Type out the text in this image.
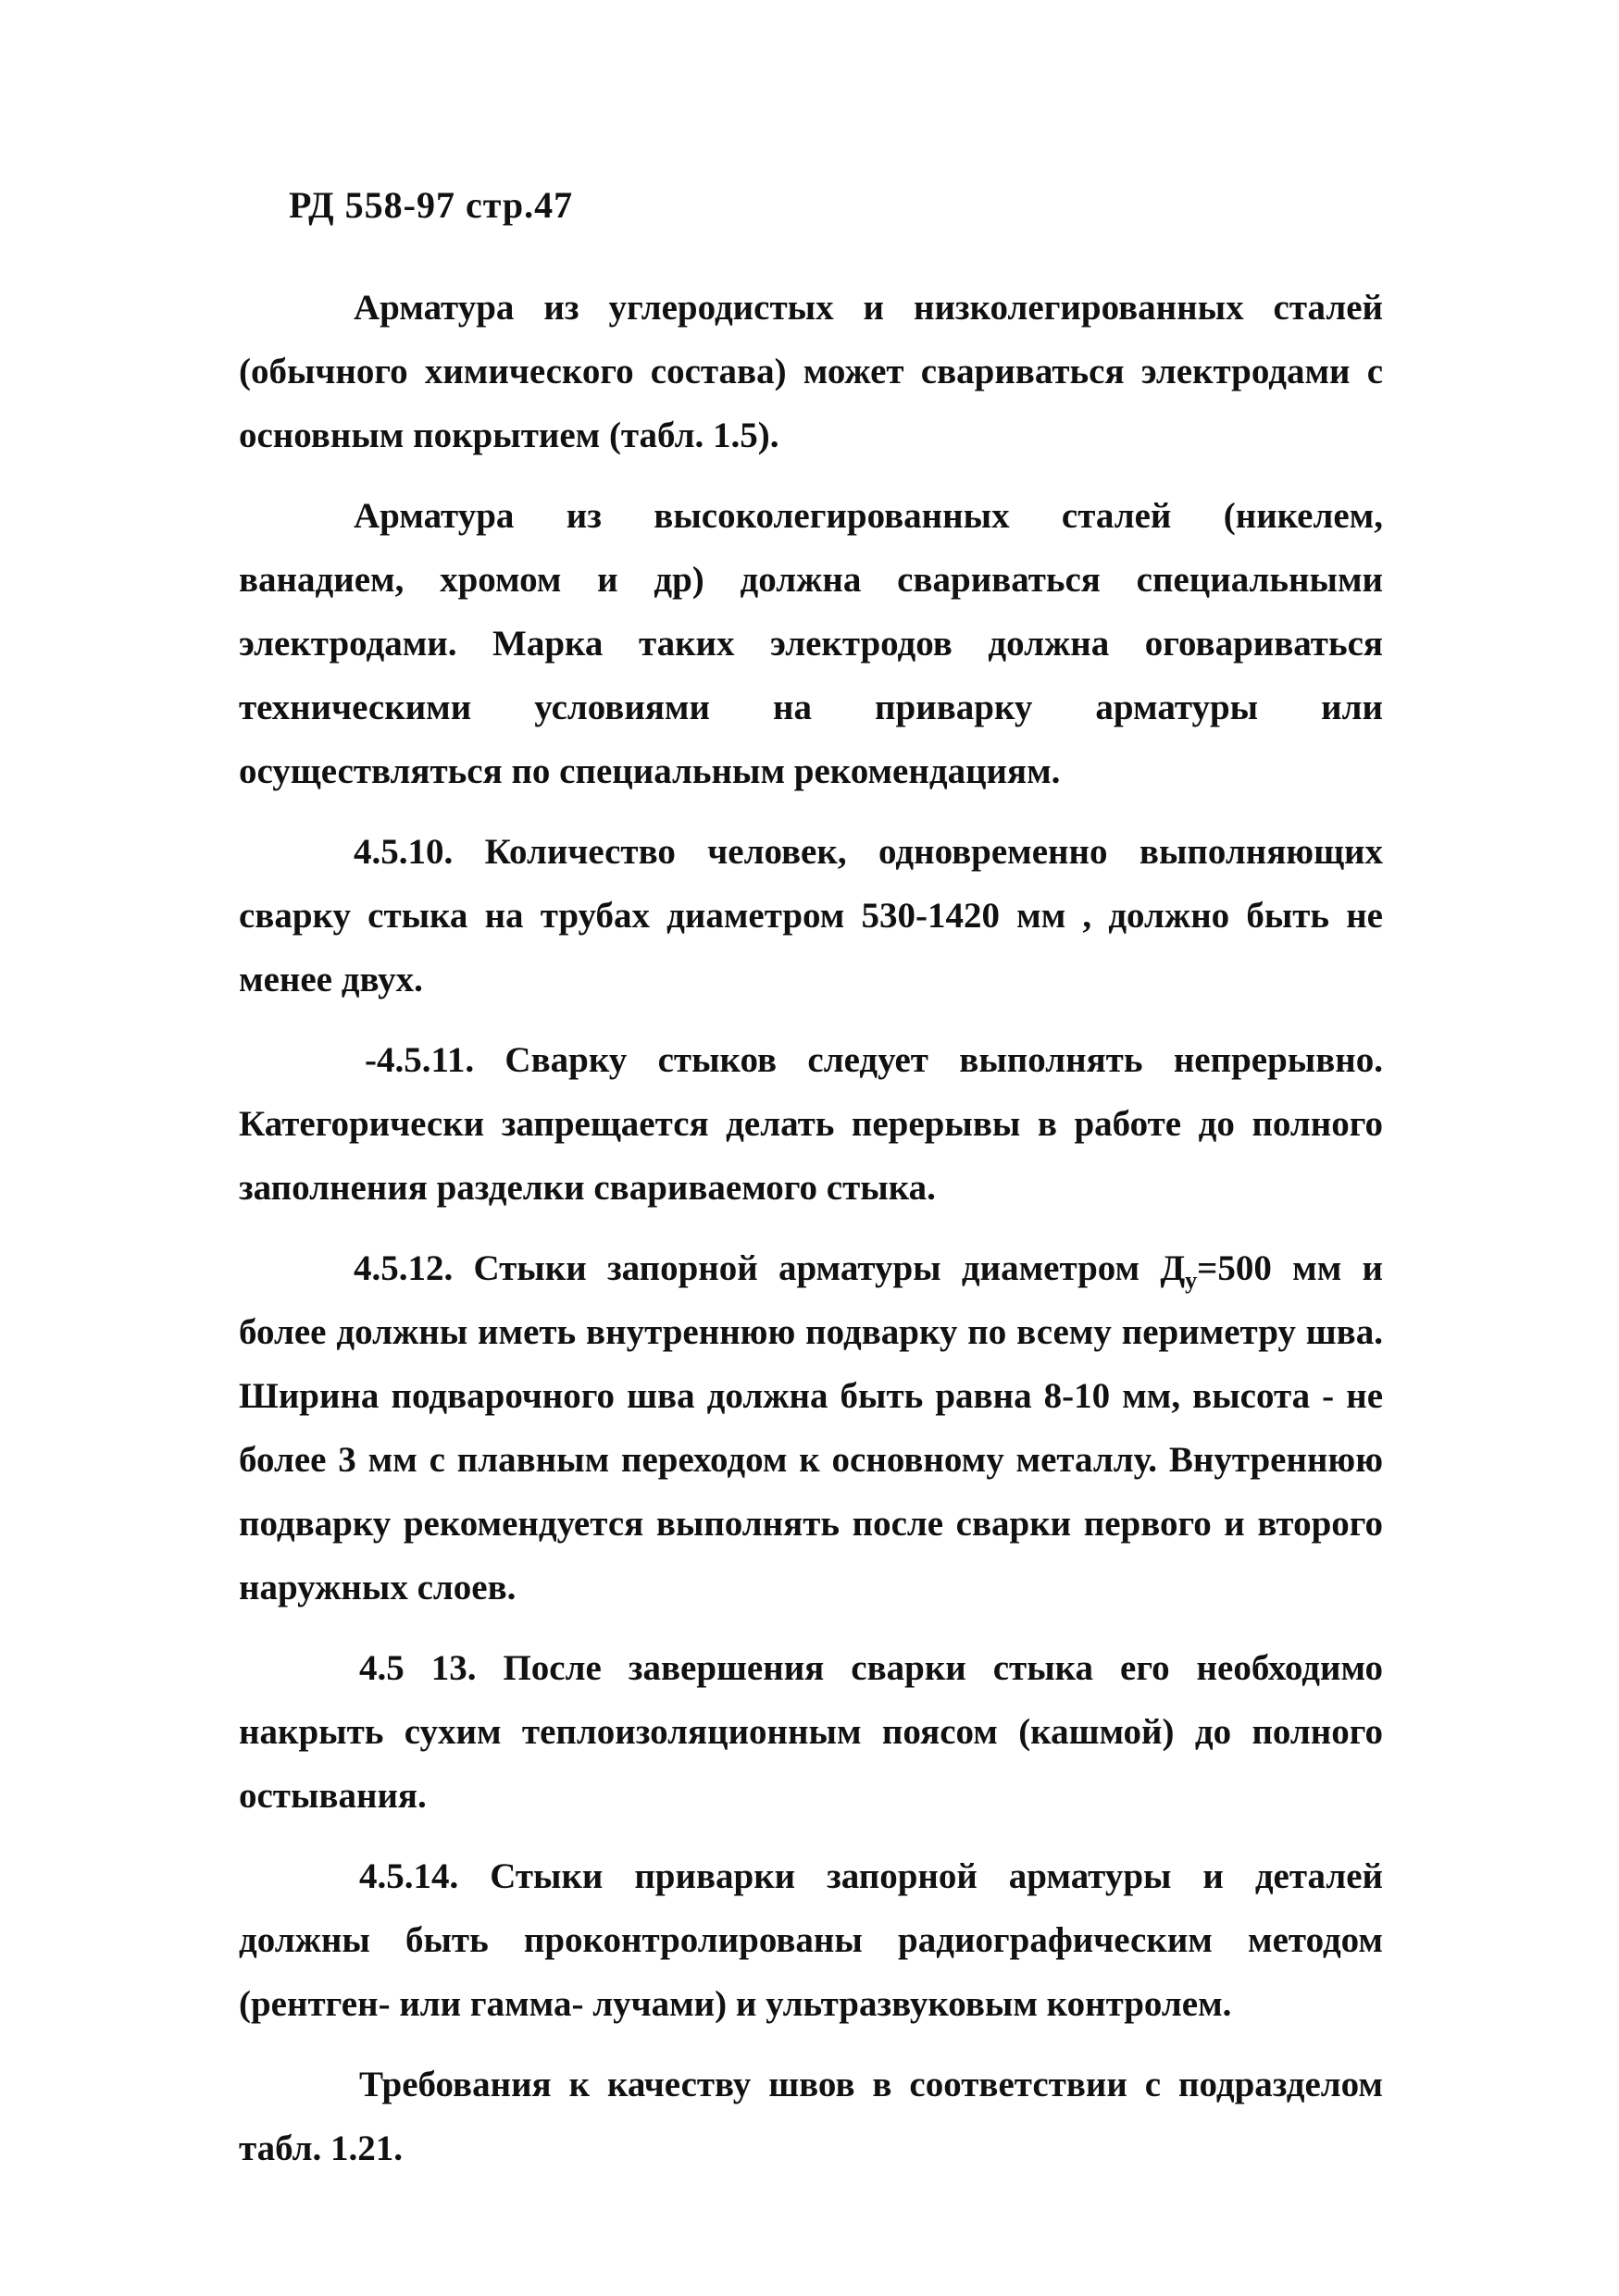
РД 558-97 стр.47

Арматура из углеродистых и низколегированных сталей (обычного химического состава) может свариваться электродами с основным покрытием (табл. 1.5).

Арматура из высоколегированных сталей (никелем, ванадием, хромом и др) должна свариваться специальными электродами. Марка таких электродов должна оговариваться техническими условиями на приварку арматуры или осуществляться по специальным рекомендациям.

4.5.10. Количество человек, одновременно выполняющих сварку стыка на трубах диаметром 530-1420 мм , должно быть не менее двух.

-4.5.11. Сварку стыков следует выполнять непрерывно. Категорически запрещается делать перерывы в работе до полного заполнения разделки свариваемого стыка.

4.5.12. Стыки запорной арматуры диаметром $Д_у=500$ мм и более должны иметь внутреннюю подварку по всему периметру шва. Ширина подварочного шва должна быть равна 8-10 мм, высота - не более 3 мм с плавным переходом к основному металлу. Внутреннюю подварку рекомендуется выполнять после сварки первого и второго наружных слоев.

4.5 13. После завершения сварки стыка его необходимо накрыть сухим теплоизоляционным поясом (кашмой) до полного остывания.

4.5.14. Стыки приварки запорной арматуры и деталей должны быть проконтролированы радиографическим методом (рентген- или гамма- лучами) и ультразвуковым контролем.

Требования к качеству швов в соответствии с подразделом табл. 1.21.
